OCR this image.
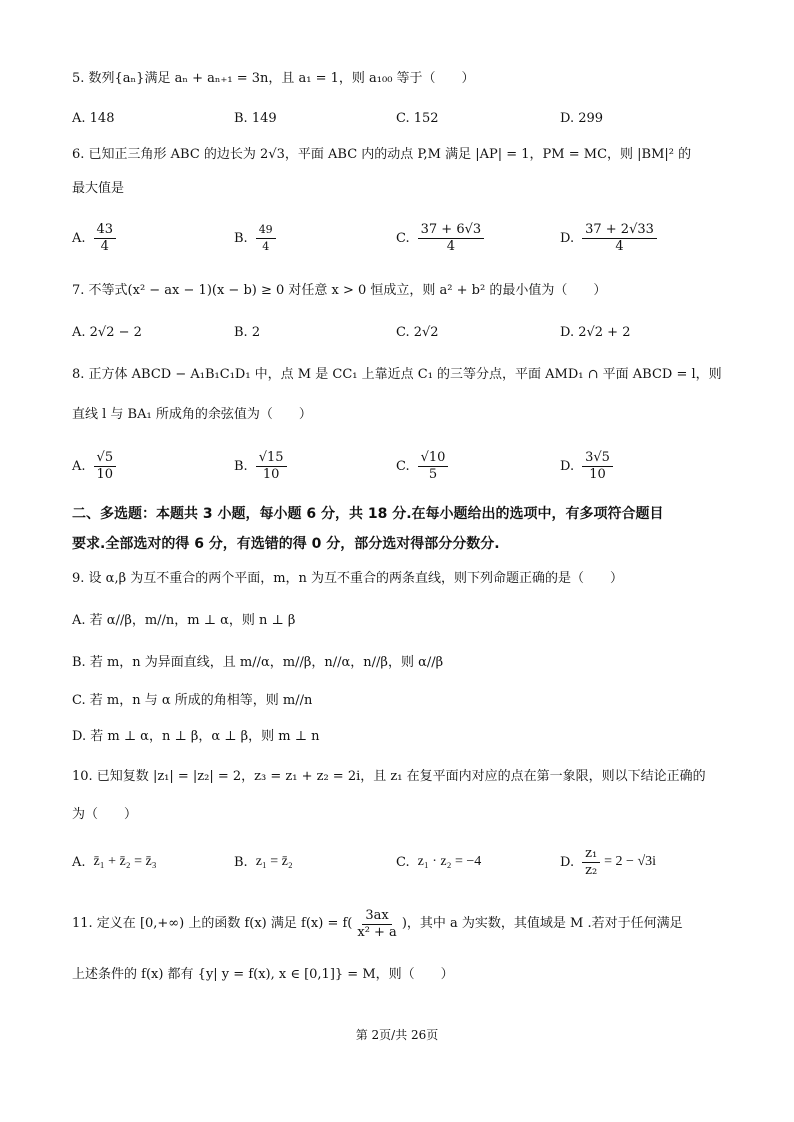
5. 数列{aₙ}满足 aₙ + aₙ₊₁ = 3n，且 a₁ = 1，则 a₁₀₀ 等于（　　）
A. 148	B. 149	C. 152	D. 299
6. 已知正三角形 ABC 的边长为 2√3，平面 ABC 内的动点 P,M 满足 |AP| = 1，PM = MC，则 |BM|² 的
最大值是
A. $\frac{43}{4}$	B. $\frac{49}{4}$	C. $\frac{37 + 6√3}{4}$	D. $\frac{37 + 2√33}{4}$
7. 不等式(x² − ax − 1)(x − b) ≥ 0 对任意 x > 0 恒成立，则 a² + b² 的最小值为（　　）
A. 2√2 − 2	B. 2	C. 2√2	D. 2√2 + 2
8. 正方体 ABCD − A₁B₁C₁D₁ 中，点 M 是 CC₁ 上靠近点 C₁ 的三等分点，平面 AMD₁ ∩ 平面 ABCD = l，则
直线 l 与 BA₁ 所成角的余弦值为（　　）
A. $\frac{√5}{10}$	B. $\frac{√15}{10}$	C. $\frac{√10}{5}$	D. $\frac{3√5}{10}$
二、多选题：本题共 3 小题，每小题 6 分，共 18 分.在每小题给出的选项中，有多项符合题目
要求.全部选对的得 6 分，有选错的得 0 分，部分选对得部分分数分.
9. 设 α,β 为互不重合的两个平面，m，n 为互不重合的两条直线，则下列命题正确的是（　　）
A. 若 α//β，m//n，m ⊥ α，则 n ⊥ β
B. 若 m，n 为异面直线，且 m//α，m//β，n//α，n//β，则 α//β
C. 若 m，n 与 α 所成的角相等，则 m//n
D. 若 m ⊥ α，n ⊥ β，α ⊥ β，则 m ⊥ n
10. 已知复数 |z₁| = |z₂| = 2，z₃ = z₁ + z₂ = 2i，且 z₁ 在复平面内对应的点在第一象限，则以下结论正确的
为（　　）
A. z̄₁ + z̄₂ = z̄₃	B. z₁ = z̄₂	C. z₁ · z₂ = −4	D. $\frac{\text{z₁}}{\text{z₂}} = 2 - √3i$
11. 定义在 [0,+∞) 上的函数 f(x) 满足 $f(x) = f( \frac{3ax}{\text{x² + a}}$ )，其中 a 为实数，其值域是 M .若对于任何满足
上述条件的 f(x) 都有 {y| y = f(x), x ∈ [0,1]} = M，则（　　）
第 2页/共 26页
